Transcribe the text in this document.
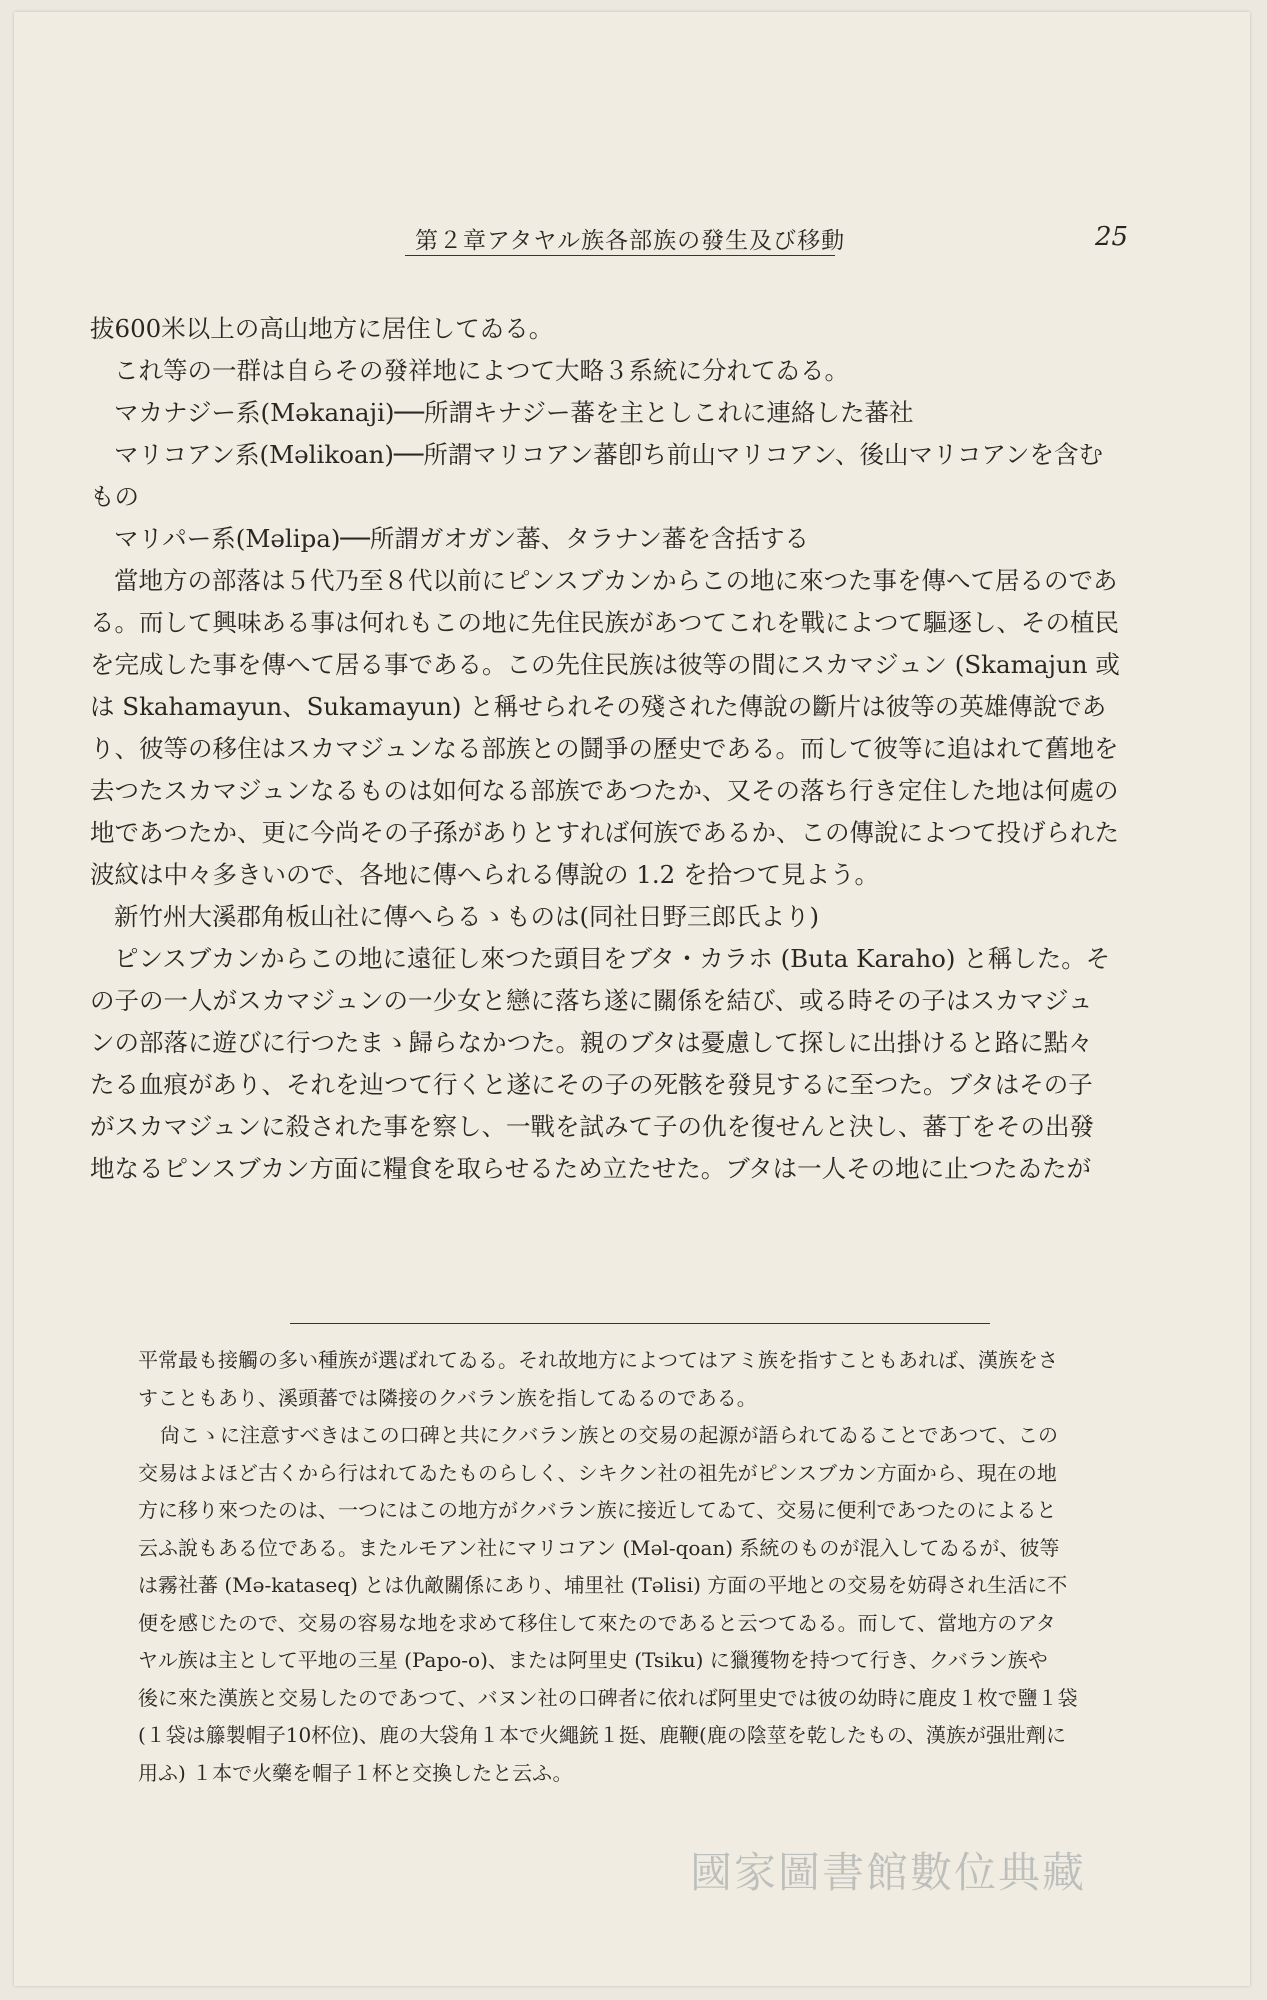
第２章アタヤル族各部族の發生及び移動	25
拔600米以上の高山地方に居住してゐる。
これ等の一群は自らその發祥地によつて大略３系統に分れてゐる。
マカナジー系(Məkanaji)──所謂キナジー蕃を主としこれに連絡した蕃社
マリコアン系(Məlikoan)──所謂マリコアン蕃卽ち前山マリコアン、後山マリコアンを含む
もの
マリパー系(Məlipa)──所謂ガオガン蕃、タラナン蕃を含括する
當地方の部落は５代乃至８代以前にピンスブカンからこの地に來つた事を傳へて居るのであ
る。而して興味ある事は何れもこの地に先住民族があつてこれを戰によつて驅逐し、その植民
を完成した事を傳へて居る事である。この先住民族は彼等の間にスカマジュン (Skamajun 或
は Skahamayun、Sukamayun) と稱せられその殘された傳說の斷片は彼等の英雄傳說であ
り、彼等の移住はスカマジュンなる部族との鬪爭の歷史である。而して彼等に追はれて舊地を
去つたスカマジュンなるものは如何なる部族であつたか、又その落ち行き定住した地は何處の
地であつたか、更に今尚その子孫がありとすれば何族であるか、この傳說によつて投げられた
波紋は中々多きいので、各地に傳へられる傳說の 1.2 を拾つて見よう。
新竹州大溪郡角板山社に傳へらるゝものは(同社日野三郎氏より)
ピンスブカンからこの地に遠征し來つた頭目をブタ・カラホ (Buta Karaho) と稱した。そ
の子の一人がスカマジュンの一少女と戀に落ち遂に關係を結び、或る時その子はスカマジュ
ンの部落に遊びに行つたまゝ歸らなかつた。親のブタは憂慮して探しに出掛けると路に點々
たる血痕があり、それを辿つて行くと遂にその子の死骸を發見するに至つた。ブタはその子
がスカマジュンに殺された事を察し、一戰を試みて子の仇を復せんと決し、蕃丁をその出發
地なるピンスブカン方面に糧食を取らせるため立たせた。ブタは一人その地に止つたゐたが
平常最も接觸の多い種族が選ばれてゐる。それ故地方によつてはアミ族を指すこともあれば、漢族をさ
すこともあり、溪頭蕃では隣接のクバラン族を指してゐるのである。
尙こゝに注意すべきはこの口碑と共にクバラン族との交易の起源が語られてゐることであつて、この
交易はよほど古くから行はれてゐたものらしく、シキクン社の祖先がピンスブカン方面から、現在の地
方に移り來つたのは、一つにはこの地方がクバラン族に接近してゐて、交易に便利であつたのによると
云ふ說もある位である。またルモアン社にマリコアン (Məl-qoan) 系統のものが混入してゐるが、彼等
は霧社蕃 (Mə-kataseq) とは仇敵關係にあり、埔里社 (Təlisi) 方面の平地との交易を妨碍され生活に不
便を感じたので、交易の容易な地を求めて移住して來たのであると云つてゐる。而して、當地方のアタ
ヤル族は主として平地の三星 (Papo-o)、または阿里史 (Tsiku) に獵獲物を持つて行き、クバラン族や
後に來た漢族と交易したのであつて、バヌン社の口碑者に依れば阿里史では彼の幼時に鹿皮１枚で鹽１袋
(１袋は籐製帽子10杯位)、鹿の大袋角１本で火繩銃１挺、鹿鞭(鹿の陰莖を乾したもの、漢族が强壯劑に
用ふ) １本で火藥を帽子１杯と交換したと云ふ。
國家圖書館數位典藏
